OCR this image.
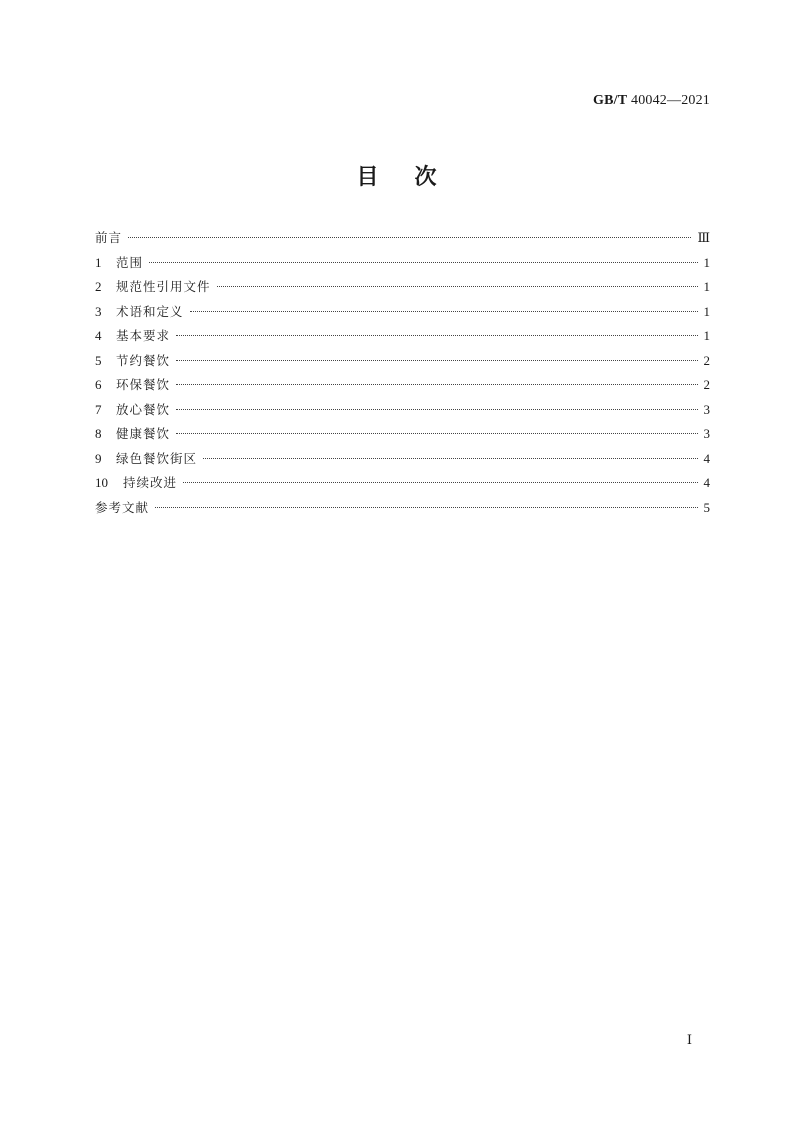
GB/T 40042—2021
目次
前言	Ⅲ
1	范围	1
2	规范性引用文件	1
3	术语和定义	1
4	基本要求	1
5	节约餐饮	2
6	环保餐饮	2
7	放心餐饮	3
8	健康餐饮	3
9	绿色餐饮街区	4
10	持续改进	4
参考文献	5
Ⅰ
